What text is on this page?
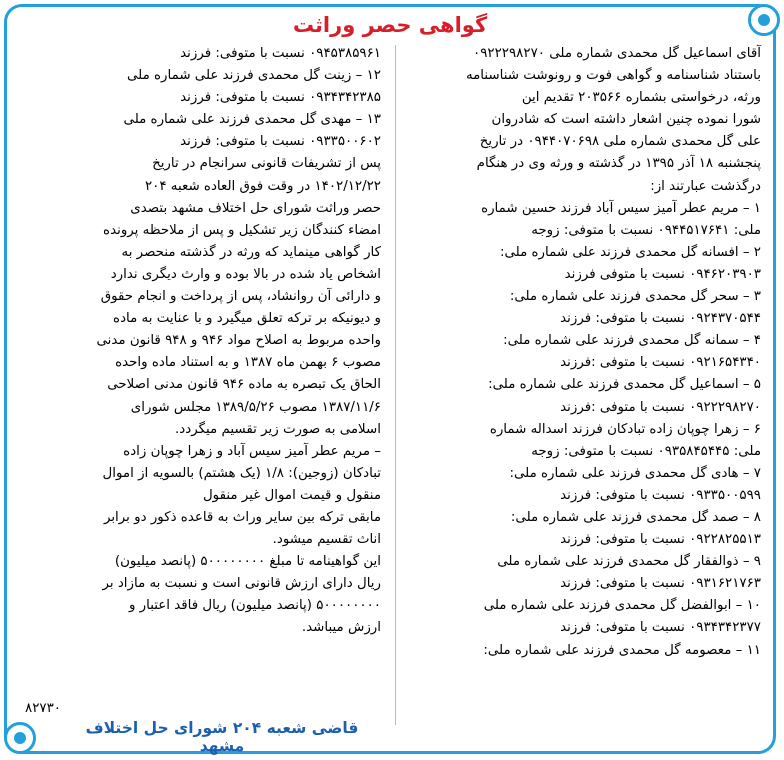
گواهی حصر وراثت
آقای اسماعیل گل محمدی شماره ملی ۰۹۲۲۲۹۸۲۷۰
باستناد شناسنامه و گواهی فوت و رونوشت شناسنامه
ورثه، درخواستی بشماره ۲۰۳۵۶۶ تقدیم این
شورا نموده چنین اشعار داشته است که شادروان
علی گل محمدی شماره ملی ۰۹۴۴۰۷۰۶۹۸ در تاریخ
پنجشنبه ۱۸ آذر ۱۳۹۵ در گذشته و ورثه وی در هنگام
درگذشت عبارتند از:
۱ – مریم عطر آمیز سیس آباد فرزند حسین شماره
ملی: ۰۹۴۴۵۱۷۶۴۱ نسبت با متوفی: زوجه
۲ – افسانه گل محمدی فرزند علی شماره ملی:
۰۹۴۶۲۰۳۹۰۳ نسبت با متوفی فرزند
۳ – سحر گل محمدی فرزند علی شماره ملی:
۰۹۲۴۳۷۰۵۴۴ نسبت با متوفی: فرزند
۴ – سمانه گل محمدی فرزند علی شماره ملی:
۰۹۲۱۶۵۴۳۴۰ نسبت با متوفی :فرزند
۵ – اسماعیل گل محمدی فرزند علی شماره ملی:
۰۹۲۲۲۹۸۲۷۰ نسبت با متوفی :فرزند
۶ – زهرا چوپان زاده تبادکان فرزند اسداله شماره
ملی: ۰۹۳۵۸۴۵۴۴۵ نسبت با متوفی: زوجه
۷ – هادی گل محمدی فرزند علی شماره ملی:
۰۹۳۳۵۰۰۵۹۹ نسبت با متوفی: فرزند
۸ – صمد گل محمدی فرزند علی شماره ملی:
۰۹۲۲۸۲۵۵۱۳ نسبت با متوفی: فرزند
۹ – ذوالفقار گل محمدی فرزند علی شماره ملی
۰۹۳۱۶۲۱۷۶۳ نسبت با متوفی: فرزند
۱۰ – ابوالفضل گل محمدی فرزند علی شماره ملی
۰۹۳۴۳۴۲۳۷۷ نسبت با متوفی: فرزند
۱۱ – معصومه گل محمدی فرزند علی شماره ملی:
۰۹۴۵۳۸۵۹۶۱ نسبت با متوفی: فرزند
۱۲ – زینت گل محمدی فرزند علی شماره ملی
۰۹۳۴۳۴۲۳۸۵ نسبت با متوفی: فرزند
۱۳ – مهدی گل محمدی فرزند علی شماره ملی
۰۹۳۳۵۰۰۶۰۲ نسبت با متوفی: فرزند
پس از تشریفات قانونی سرانجام در تاریخ
۱۴۰۲/۱۲/۲۲ در وقت فوق العاده شعبه ۲۰۴
حصر وراثت شورای حل اختلاف مشهد بتصدی
امضاء کنندگان زیر تشکیل و پس از ملاحظه پرونده
کار گواهی مینماید که ورثه در گذشته منحصر به
اشخاص یاد شده در بالا بوده و وارث دیگری ندارد
و دارائی آن روانشاد، پس از پرداخت و انجام حقوق
و دیونیکه بر ترکه تعلق میگیرد و با عنایت به ماده
واحده مربوط به اصلاح مواد ۹۴۶ و ۹۴۸ قانون مدنی
مصوب ۶ بهمن ماه ۱۳۸۷ و به استناد ماده واحده
الحاق یک تبصره به ماده ۹۴۶ قانون مدنی اصلاحی
۱۳۸۷/۱۱/۶ مصوب ۱۳۸۹/۵/۲۶ مجلس شورای
اسلامی به صورت زیر تقسیم میگردد.
– مریم عطر آمیز سیس آباد و زهرا چوپان زاده
تبادکان (زوجین): ۱/۸ (یک هشتم) بالسویه از اموال
منقول و قیمت اموال غیر منقول
مابقی ترکه بین سایر وراث به قاعده ذکور دو برابر
اناث تقسیم میشود.
این گواهینامه تا مبلغ ۵۰۰۰۰۰۰۰۰ (پانصد میلیون)
ریال دارای ارزش قانونی است و نسبت به مازاد بر
۵۰۰۰۰۰۰۰۰ (پانصد میلیون) ریال فاقد اعتبار و
ارزش میباشد.
۸۲۷۳۰
قاضی شعبه ۲۰۴ شورای حل اختلاف مشهد
